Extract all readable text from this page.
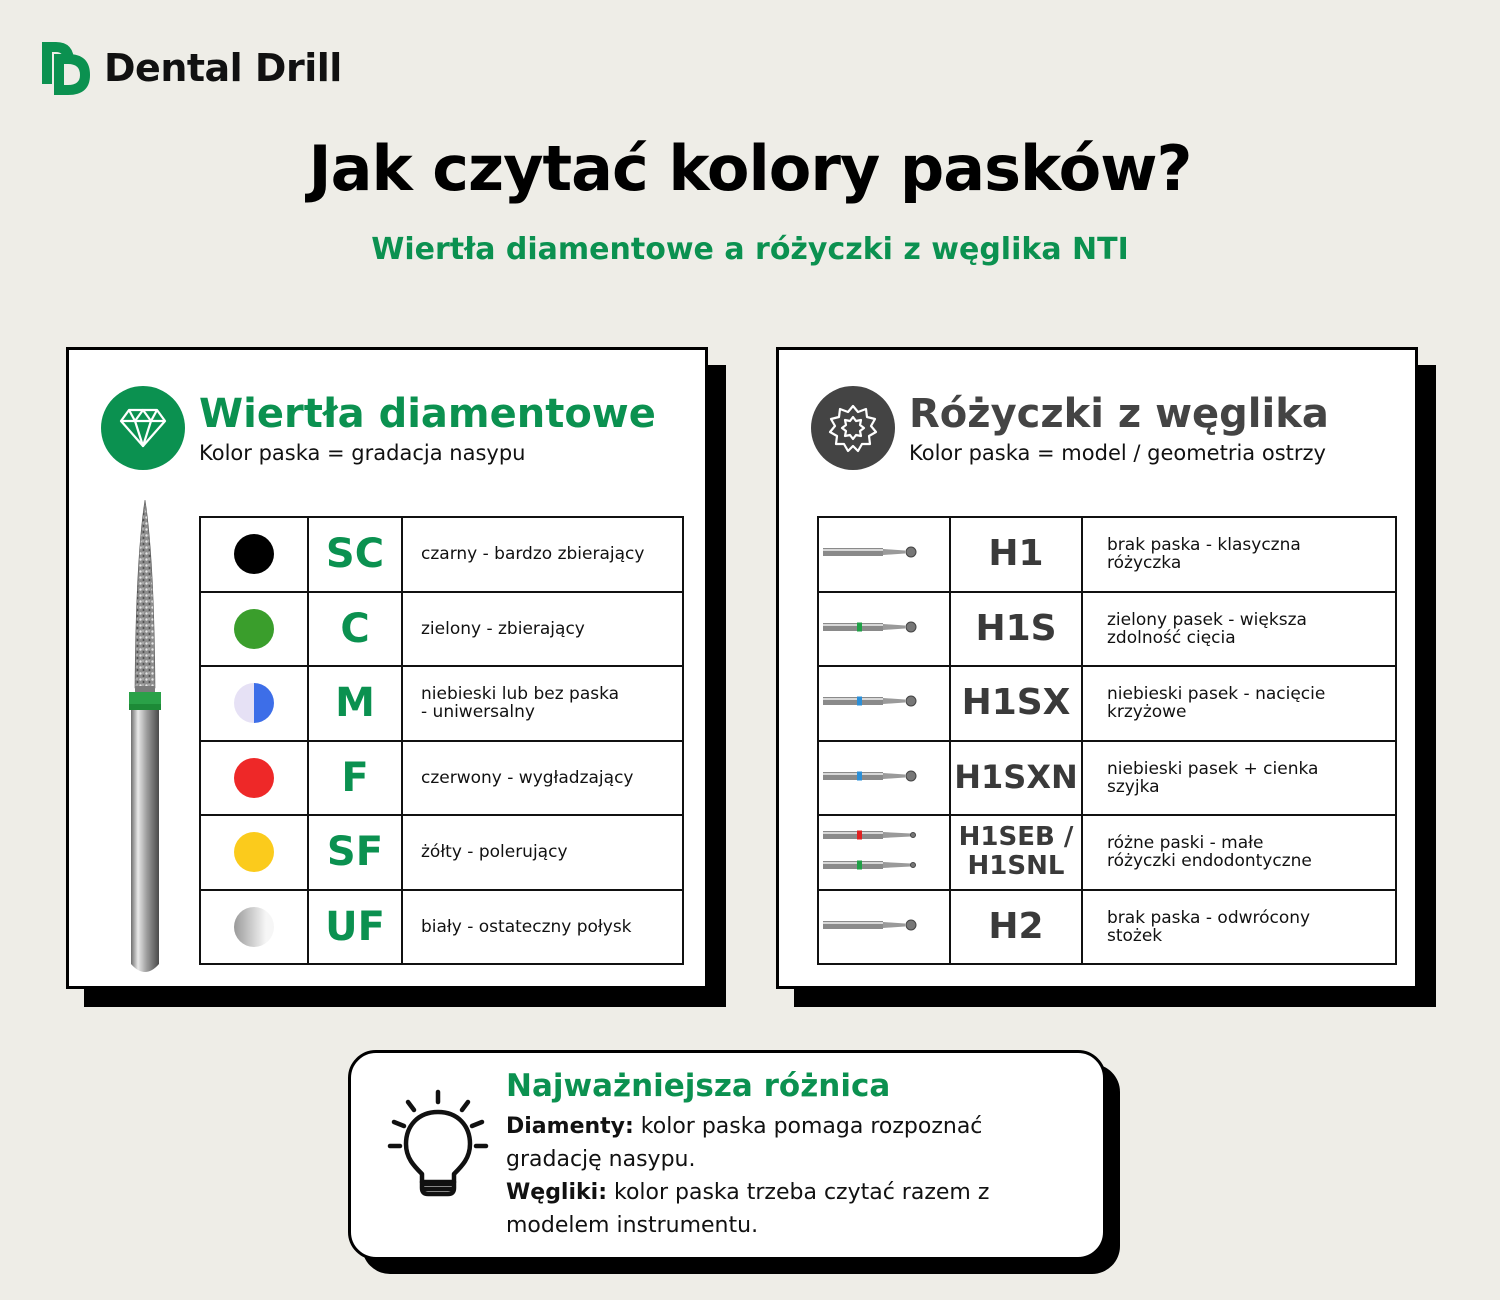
Dental Drill
Jak czytać kolory pasków?
Wiertła diamentowe a różyczki z węglika NTI
Wiertła diamentowe
Kolor paska = gradacja nasypu
	SC	czarny - bardzo zbierający

	C	zielony - zbierający

	M	niebieski lub bez paska
- uniwersalny

	F	czerwony - wygładzający

	SF	żółty - polerujący

	UF	biały - ostateczny połysk
Różyczki z węglika
Kolor paska = model / geometria ostrzy
	H1	brak paska - klasyczna
różyczka
	H1S	zielony pasek - większa
zdolność cięcia
	H1SX	niebieski pasek - nacięcie
krzyżowe
	H1SXN	niebieski pasek + cienka
szyjka
	H1SEB /
H1SNL	różne paski - małe
różyczki endodontyczne
	H2	brak paska - odwrócony
stożek
Najważniejsza różnica
Diamenty: kolor paska pomaga rozpoznać gradację nasypu.
Węgliki: kolor paska trzeba czytać razem z modelem instrumentu.
